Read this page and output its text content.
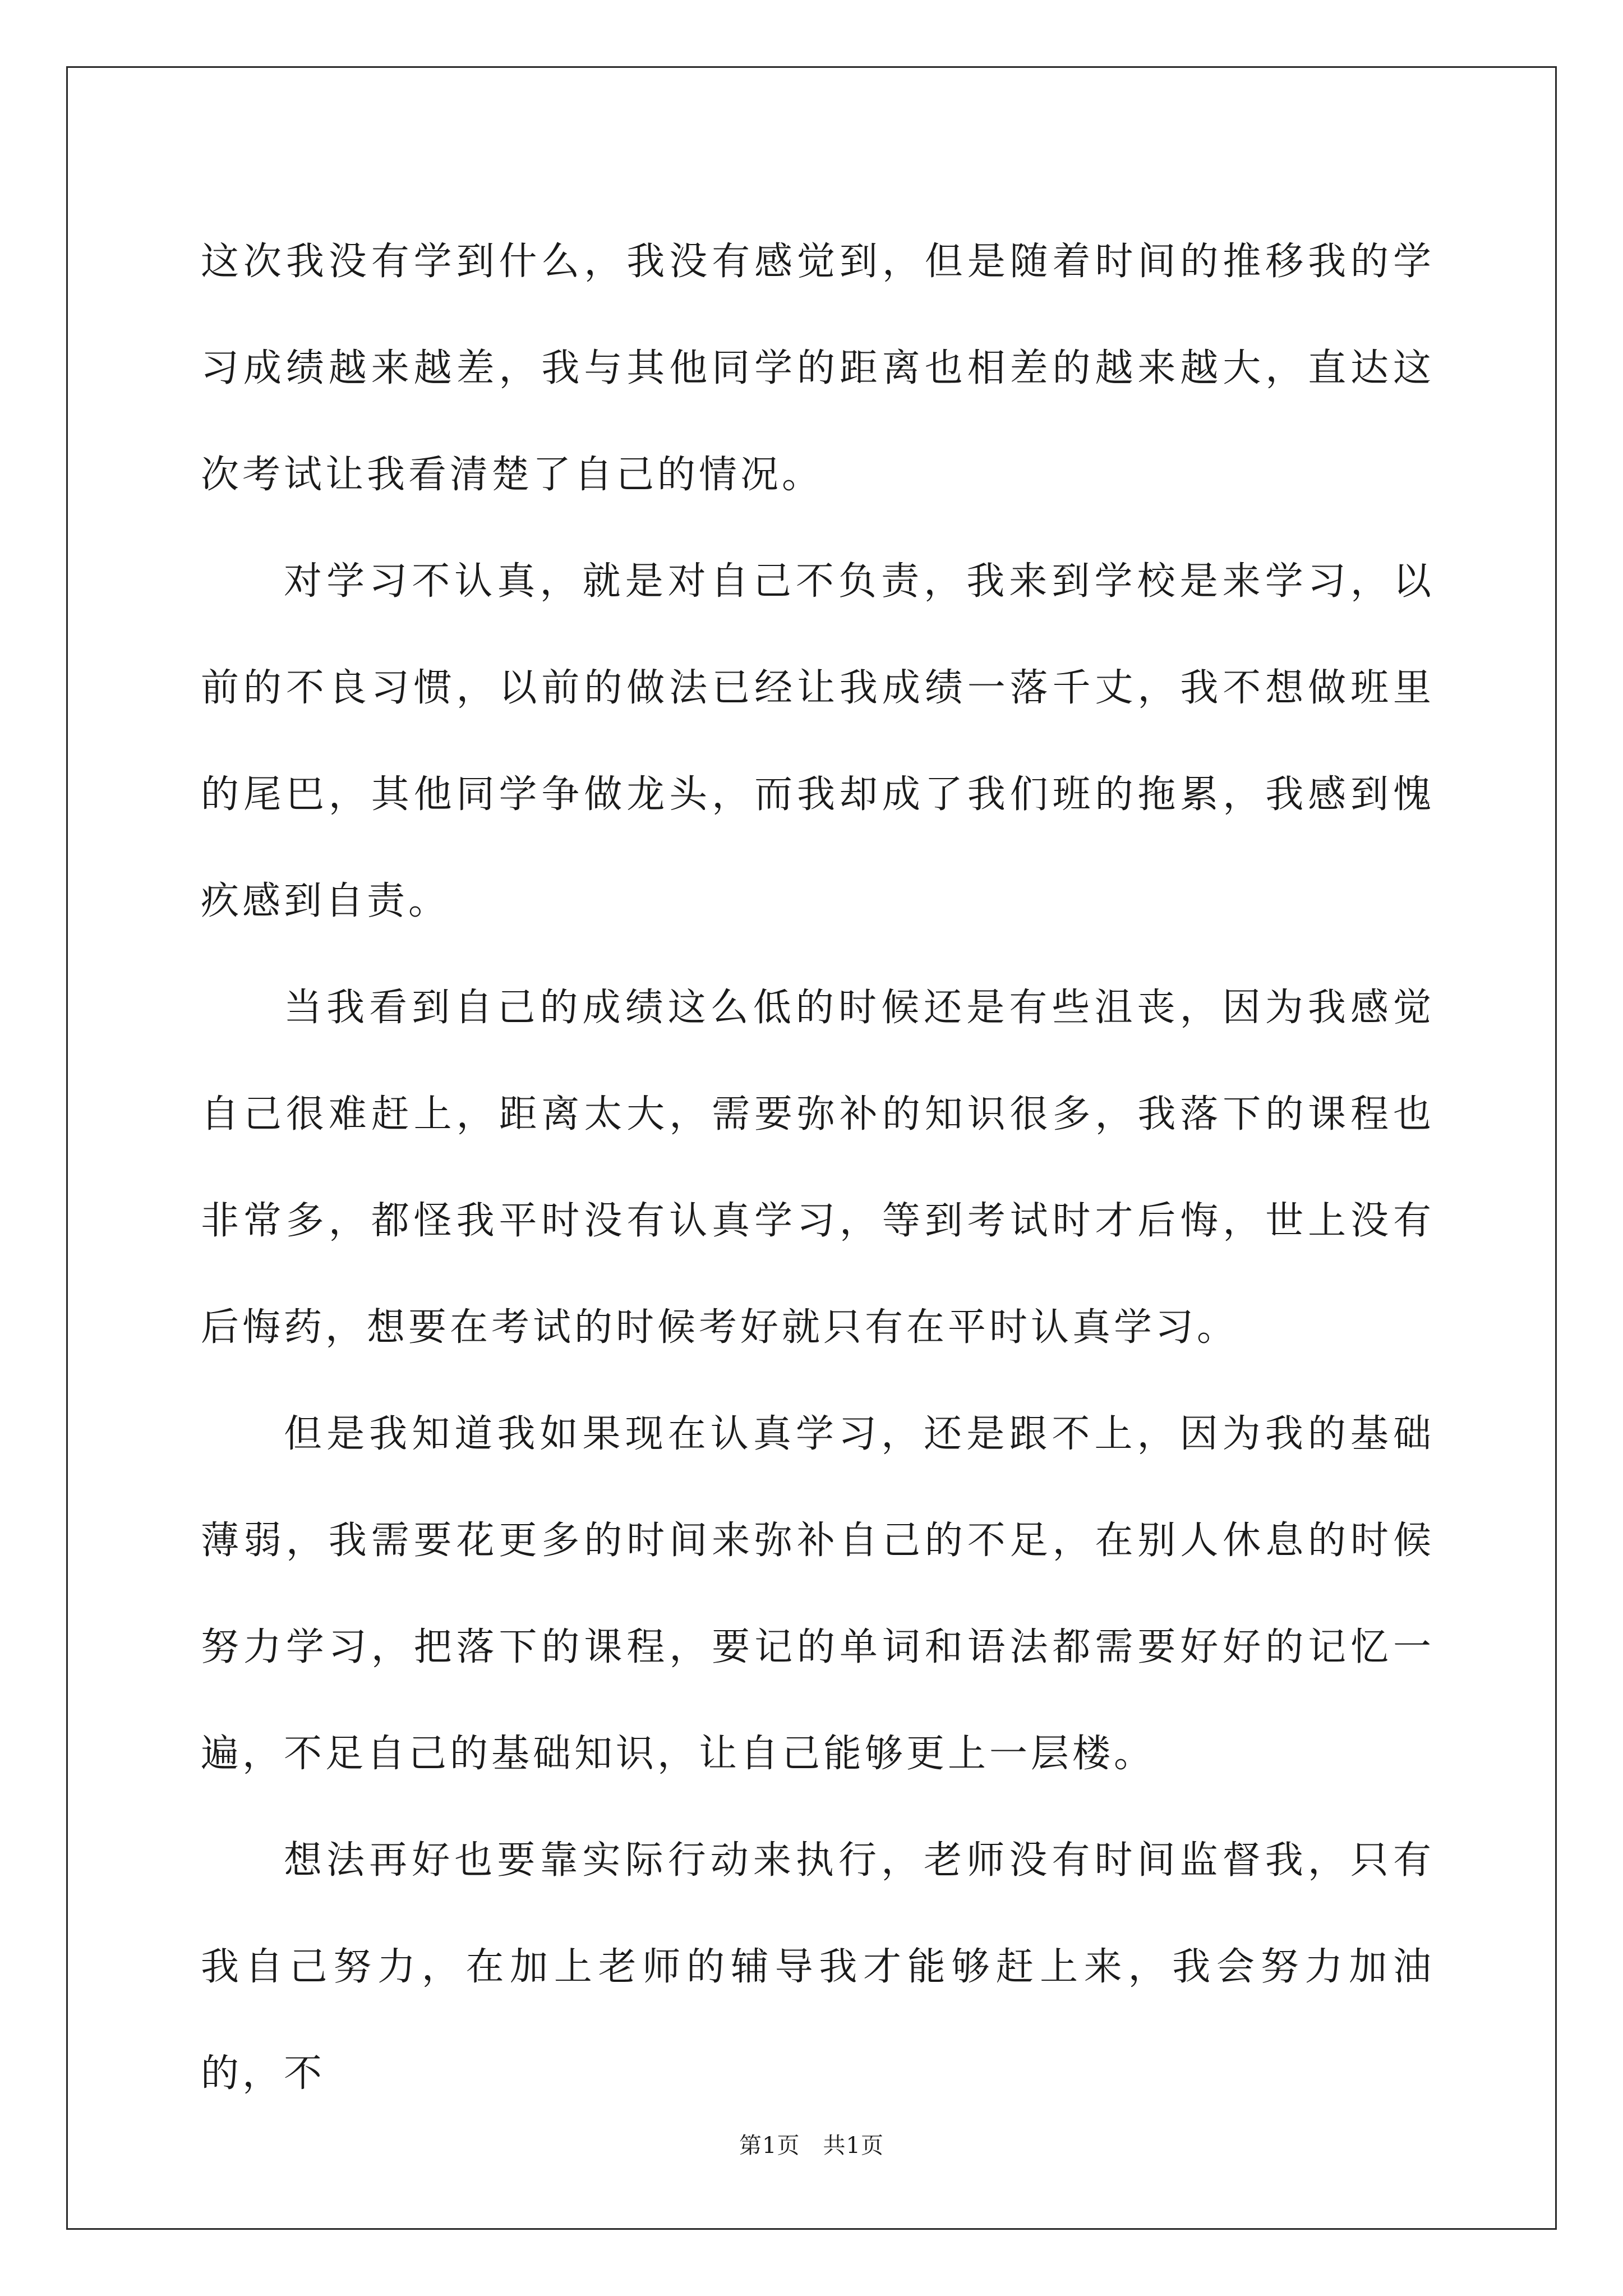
这次我没有学到什么，我没有感觉到，但是随着时间的推移我的学习成绩越来越差，我与其他同学的距离也相差的越来越大，直达这次考试让我看清楚了自己的情况。

对学习不认真，就是对自己不负责，我来到学校是来学习，以前的不良习惯，以前的做法已经让我成绩一落千丈，我不想做班里的尾巴，其他同学争做龙头，而我却成了我们班的拖累，我感到愧疚感到自责。

当我看到自己的成绩这么低的时候还是有些沮丧，因为我感觉自己很难赶上，距离太大，需要弥补的知识很多，我落下的课程也非常多，都怪我平时没有认真学习，等到考试时才后悔，世上没有后悔药，想要在考试的时候考好就只有在平时认真学习。

但是我知道我如果现在认真学习，还是跟不上，因为我的基础薄弱，我需要花更多的时间来弥补自己的不足，在别人休息的时候努力学习，把落下的课程，要记的单词和语法都需要好好的记忆一遍，不足自己的基础知识，让自己能够更上一层楼。

想法再好也要靠实际行动来执行，老师没有时间监督我，只有我自己努力，在加上老师的辅导我才能够赶上来，我会努力加油的，不

第1页　共1页
